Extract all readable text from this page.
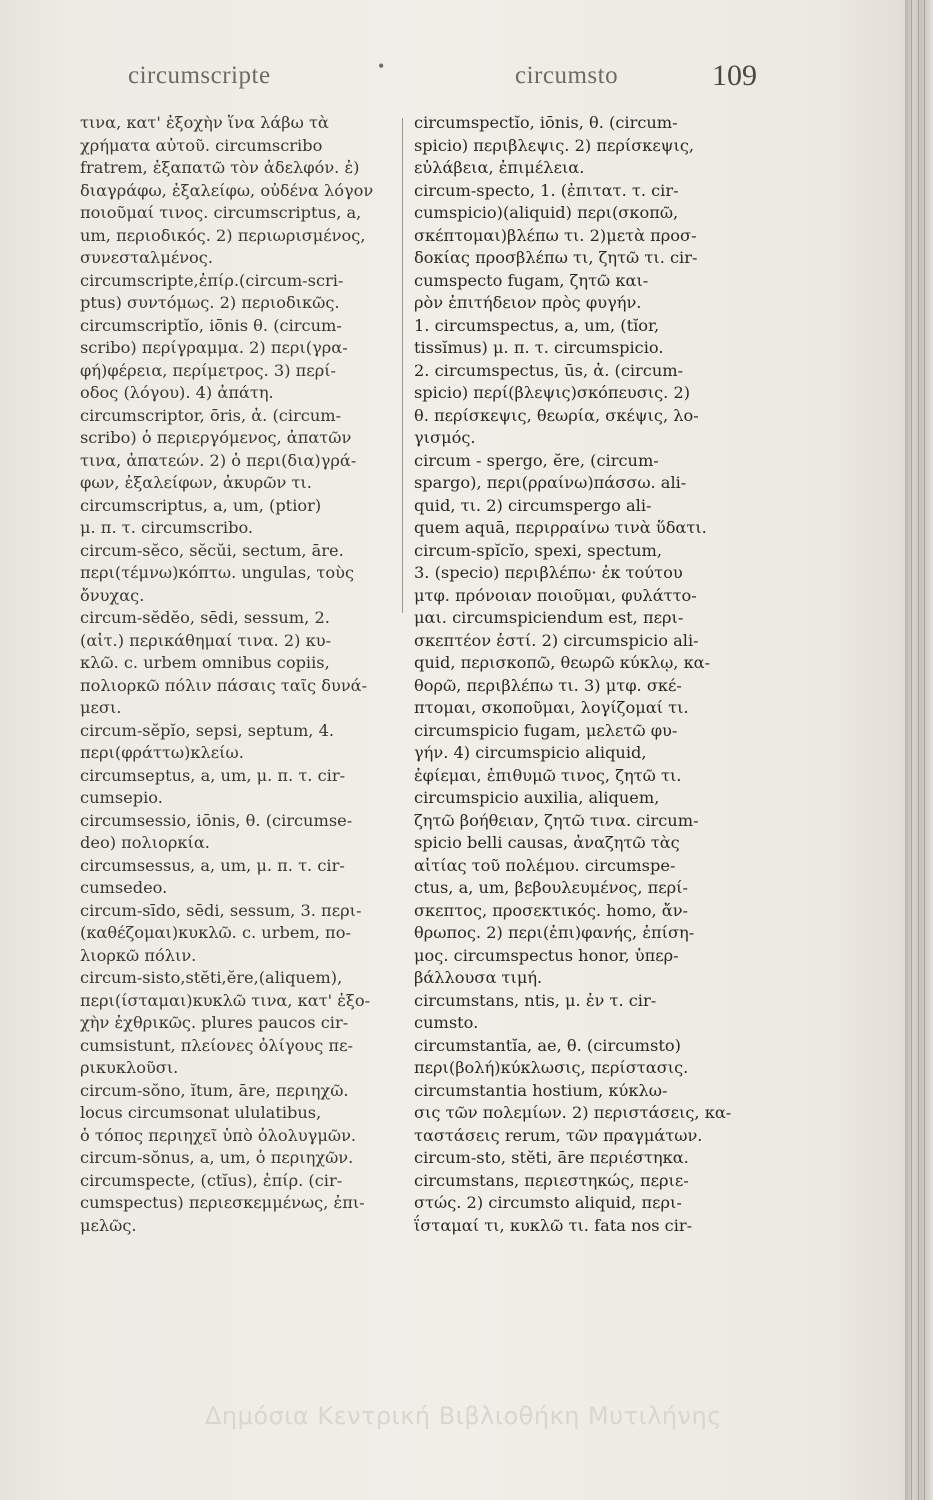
circumscripte	•	circumsto	109
τινα, κατ' ἐξοχὴν ἵνα λάβω τὰ
χρήματα αὐτοῦ. circumscribo
fratrem, ἐξαπατῶ τὸν ἀδελφόν. ἐ)
διαγράφω, ἐξαλείφω, οὐδένα λόγον
ποιοῦμαί τινος. circumscriptus, a,
um, περιοδικός. 2) περιωρισμένος,
συνεσταλμένος.
circumscripte,ἐπίρ.(circum-scri-
ptus) συντόμως. 2) περιοδικῶς.
circumscriptĭo, iōnis θ. (circum-
scribo) περίγραμμα. 2) περι(γρα-
φή)φέρεια, περίμετρος. 3) περί-
οδος (λόγου). 4) ἀπάτη.
circumscriptor, ōris, ἀ. (circum-
scribo) ὁ περιεργόμενος, ἀπατῶν
τινα, ἀπατεών. 2) ὁ περι(δια)γρά-
φων, ἐξαλείφων, ἀκυρῶν τι.
circumscriptus, a, um, (ptior)
μ. π. τ. circumscribo.
circum-sĕco, sĕcŭi, sectum, āre.
περι(τέμνω)κόπτω. ungulas, τοὺς
ὄνυχας.
circum-sĕdĕo, sēdi, sessum, 2.
(αἰτ.) περικάθημαί τινα. 2) κυ-
κλῶ. c. urbem omnibus copiis,
πολιορκῶ πόλιν πάσαις ταῖς δυνά-
μεσι.
circum-sĕpĭo, sepsi, septum, 4.
περι(φράττω)κλείω.
circumseptus, a, um, μ. π. τ. cir-
cumsepio.
circumsessio, iōnis, θ. (circumse-
deo) πολιορκία.
circumsessus, a, um, μ. π. τ. cir-
cumsedeo.
circum-sīdo, sēdi, sessum, 3. περι-
(καθέζομαι)κυκλῶ. c. urbem, πο-
λιορκῶ πόλιν.
circum-sisto,stĕti,ĕre,(aliquem),
περι(ίσταμαι)κυκλῶ τινα, κατ' ἐξο-
χὴν ἐχθρικῶς. plures paucos cir-
cumsistunt, πλείονες ὀλίγους πε-
ρικυκλοῦσι.
circum-sŏno, ĭtum, āre, περιηχῶ.
locus circumsonat ululatibus,
ὁ τόπος περιηχεῖ ὑπὸ ὀλολυγμῶν.
circum-sŏnus, a, um, ὁ περιηχῶν.
circumspecte, (ctĭus), ἐπίρ. (cir-
cumspectus) περιεσκεμμένως, ἐπι-
μελῶς.
circumspectĭo, iōnis, θ. (circum-
spicio) περιβλεψις. 2) περίσκεψις,
εὐλάβεια, ἐπιμέλεια.
circum-specto, 1. (ἐπιτατ. τ. cir-
cumspicio)(aliquid) περι(σκοπῶ,
σκέπτομαι)βλέπω τι. 2)μετὰ προσ-
δοκίας προσβλέπω τι, ζητῶ τι. cir-
cumspecto fugam, ζητῶ και-
ρὸν ἐπιτήδειον πρὸς φυγήν.
1. circumspectus, a, um, (tĭor,
tissĭmus) μ. π. τ. circumspicio.
2. circumspectus, ūs, ἀ. (circum-
spicio) περί(βλεψις)σκόπευσις. 2)
θ. περίσκεψις, θεωρία, σκέψις, λο-
γισμός.
circum - spergo, ĕre, (circum-
spargo), περι(ρραίνω)πάσσω. ali-
quid, τι. 2) circumspergo ali-
quem aquā, περιρραίνω τινὰ ὕδατι.
circum-spĭcĭo, spexi, spectum,
3. (specio) περιβλέπω· ἐκ τούτου
μτφ. πρόνοιαν ποιοῦμαι, φυλάττο-
μαι. circumspiciendum est, περι-
σκεπτέον ἐστί. 2) circumspicio ali-
quid, περισκοπῶ, θεωρῶ κύκλῳ, κα-
θορῶ, περιβλέπω τι. 3) μτφ. σκέ-
πτομαι, σκοποῦμαι, λογίζομαί τι.
circumspicio fugam, μελετῶ φυ-
γήν. 4) circumspicio aliquid,
ἐφίεμαι, ἐπιθυμῶ τινος, ζητῶ τι.
circumspicio auxilia, aliquem,
ζητῶ βοήθειαν, ζητῶ τινα. circum-
spicio belli causas, ἀναζητῶ τὰς
αἰτίας τοῦ πολέμου. circumspe-
ctus, a, um, βεβουλευμένος, περί-
σκεπτος, προσεκτικός. homo, ἄν-
θρωπος. 2) περι(ἐπι)φανής, ἐπίση-
μος. circumspectus honor, ὑπερ-
βάλλουσα τιμή.
circumstans, ntis, μ. ἐν τ. cir-
cumsto.
circumstantĭa, ae, θ. (circumsto)
περι(βολή)κύκλωσις, περίστασις.
circumstantia hostium, κύκλω-
σις τῶν πολεμίων. 2) περιστάσεις, κα-
ταστάσεις rerum, τῶν πραγμάτων.
circum-sto, stĕti, āre περιέστηκα.
circumstans, περιεστηκώς, περιε-
στώς. 2) circumsto aliquid, περι-
ΐσταμαί τι, κυκλῶ τι. fata nos cir-
Δημόσια Κεντρική Βιβλιοθήκη Μυτιλήνης
